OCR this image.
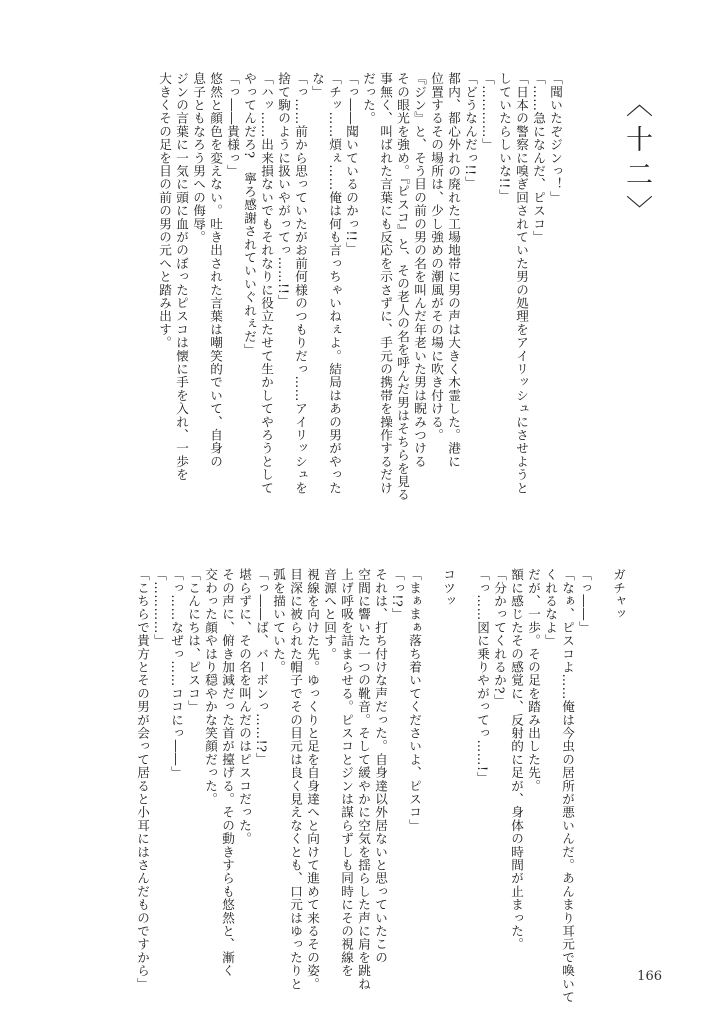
〈十二〉
「聞いたぞジンっ！」
「……急になんだ、ピスコ」
「日本の警察に嗅ぎ回されていた男の処理をアイリッシュにさせようと
していたらしいな!!」
「…………」
「どうなんだっ!!」
都内、都心外れの廃れた工場地帯に男の声は大きく木霊した。港に
位置するその場所は、少し強めの潮風がその場に吹き付ける。
『ジン』と、そう目の前の男の名を叫んだ年老いた男は睨みつける
その眼光を強め。『ピスコ』と、その老人の名を呼んだ男はそちらを見る
事無く、叫ばれた言葉にも反応を示さずに、手元の携帯を操作するだけ
だった。
「っ――聞いているのかっ!!」
「チッ……煩ぇ……俺は何も言っちゃいねぇよ。結局はあの男がやった
な」
「っ……前から思っていたがお前何様のつもりだっ……アイリッシュを
捨て駒のように扱いやがってっ……!!」
「ハッ……出来損ないでもそれなりに役立たせて生かしてやろうとして
やってんだろ?　寧ろ感謝されていいぐれぇだ」
「っ――貴様っ」
悠然と顔色を変えない。吐き出された言葉は嘲笑的でいて、自身の
息子ともなろう男への侮辱。
ジンの言葉に一気に頭に血がのぼったピスコは懐に手を入れ、一歩を
大きくその足を目の前の男の元へと踏み出す。
ガチャッ
「っ――」
「なぁ、ピスコよ……俺は今虫の居所が悪いんだ。あんまり耳元で喚いて
くれるなよ」
だが、一歩。その足を踏み出した先。
額に感じたその感覚に、反射的に足が、身体の時間が止まった。
「分かってくれるか?」
「っ……図に乗りやがってっ……!」
コツッ
「まぁまぁ落ち着いてくださいよ、ピスコ」
「っ!?」
それは、打ち付けな声だった。自身達以外居ないと思っていたこの
空間に響いた一つの靴音。そして緩やかに空気を揺らした声に肩を跳ね
上げ呼吸を詰まらせる。ピスコとジンは謀らずしも同時にその視線を
音源へと回す。
視線を向けた先。ゆっくりと足を自身達へと向けて進めて来るその姿。
目深に被られた帽子でその目元は良く見えなくとも、口元はゆったりと
弧を描いていた。
「っ――ば、バーボンっ……!?」
堪らずに、その名を叫んだのはピスコだった。
その声に、俯き加減だった首が擡げる。その動きすらも悠然と、漸く
交わった顔やはり穏やかな笑顔だった。
「こんにちは、ピスコ」
「っ……なぜっ……ココにっ――」
「…………」
「こちらで貴方とその男が会って居ると小耳にはさんだものですから」	166
